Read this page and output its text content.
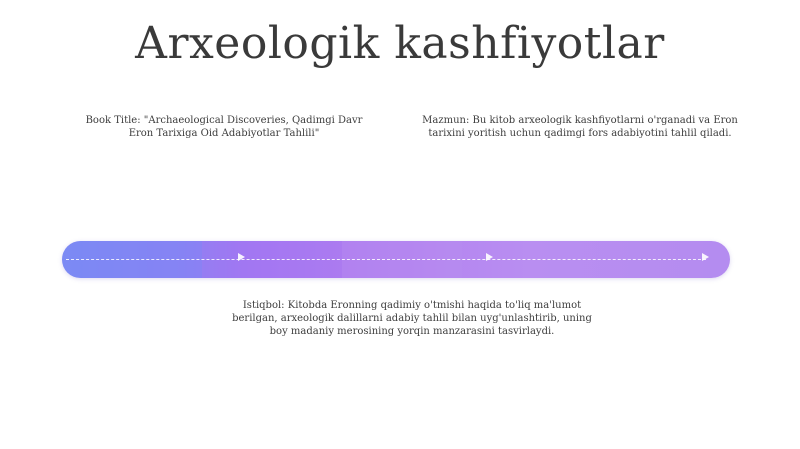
Arxeologik kashfiyotlar
Book Title: "Archaeological Discoveries, Qadimgi Davr Eron Tarixiga Oid Adabiyotlar Tahlili"
Mazmun: Bu kitob arxeologik kashfiyotlarni o'rganadi va Eron tarixini yoritish uchun qadimgi fors adabiyotini tahlil qiladi.
Istiqbol: Kitobda Eronning qadimiy o'tmishi haqida to'liq ma'lumot berilgan, arxeologik dalillarni adabiy tahlil bilan uyg'unlashtirib, uning boy madaniy merosining yorqin manzarasini tasvirlaydi.
